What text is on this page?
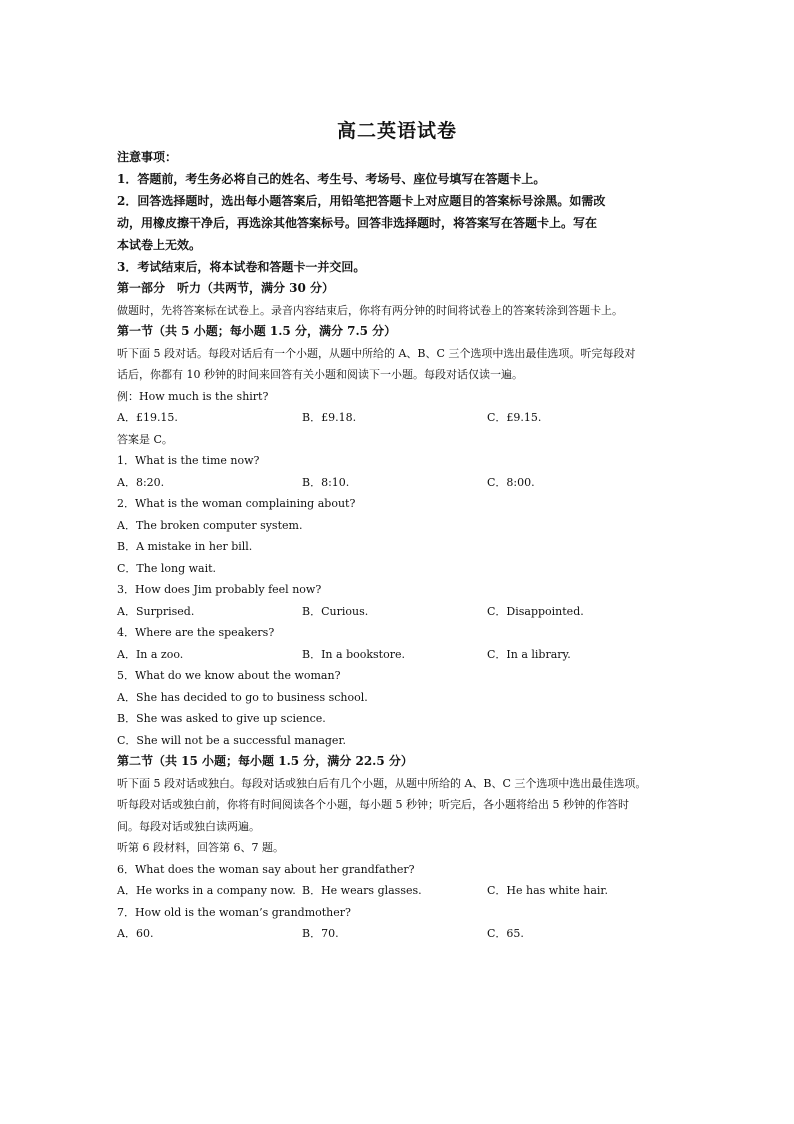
高二英语试卷
注意事项：
1．答题前，考生务必将自己的姓名、考生号、考场号、座位号填写在答题卡上。
2．回答选择题时，选出每小题答案后，用铅笔把答题卡上对应题目的答案标号涂黑。如需改
动，用橡皮擦干净后，再选涂其他答案标号。回答非选择题时，将答案写在答题卡上。写在
本试卷上无效。
3．考试结束后，将本试卷和答题卡一并交回。
第一部分　听力（共两节，满分 30 分）
做题时，先将答案标在试卷上。录音内容结束后，你将有两分钟的时间将试卷上的答案转涂到答题卡上。
第一节（共 5 小题；每小题 1.5 分，满分 7.5 分）
听下面 5 段对话。每段对话后有一个小题，从题中所给的 A、B、C 三个选项中选出最佳选项。听完每段对
话后，你都有 10 秒钟的时间来回答有关小题和阅读下一小题。每段对话仅读一遍。
例：How much is the shirt?
A．£19.15.	B．£9.18.	C．£9.15.
答案是 C。
1．What is the time now?
A．8:20.	B．8:10.	C．8:00.
2．What is the woman complaining about?
A．The broken computer system.
B．A mistake in her bill.
C．The long wait.
3．How does Jim probably feel now?
A．Surprised.	B．Curious.	C．Disappointed.
4．Where are the speakers?
A．In a zoo.	B．In a bookstore.	C．In a library.
5．What do we know about the woman?
A．She has decided to go to business school.
B．She was asked to give up science.
C．She will not be a successful manager.
第二节（共 15 小题；每小题 1.5 分，满分 22.5 分）
听下面 5 段对话或独白。每段对话或独白后有几个小题，从题中所给的 A、B、C 三个选项中选出最佳选项。
听每段对话或独白前，你将有时间阅读各个小题，每小题 5 秒钟；听完后，各小题将给出 5 秒钟的作答时
间。每段对话或独白读两遍。
听第 6 段材料，回答第 6、7 题。
6．What does the woman say about her grandfather?
A．He works in a company now. B．He wears glasses.	C．He has white hair.
7．How old is the woman’s grandmother?
A．60.	B．70.	C．65.
